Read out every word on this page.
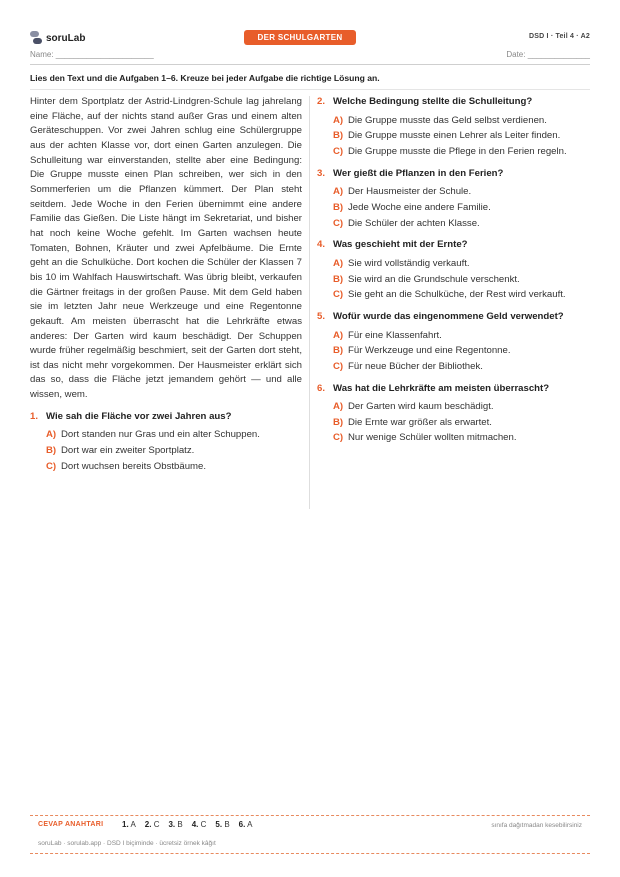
soruLab	DER SCHULGARTEN	DSD I · Teil 4 · A2
Name: ______________________	Date: ______________
Lies den Text und die Aufgaben 1–6. Kreuze bei jeder Aufgabe die richtige Lösung an.

Hinter dem Sportplatz der Astrid-Lindgren-Schule lag jahrelang eine Fläche, auf der nichts stand außer Gras und einem alten Geräteschuppen. Vor zwei Jahren schlug eine Schülergruppe aus der achten Klasse vor, dort einen Garten anzulegen. Die Schulleitung war einverstanden, stellte aber eine Bedingung: Die Gruppe musste einen Plan schreiben, wer sich in den Sommerferien um die Pflanzen kümmert. Der Plan steht seitdem. Jede Woche in den Ferien übernimmt eine andere Familie das Gießen. Die Liste hängt im Sekretariat, und bisher hat noch keine Woche gefehlt. Im Garten wachsen heute Tomaten, Bohnen, Kräuter und zwei Apfelbäume. Die Ernte geht an die Schulküche. Dort kochen die Schüler der Klassen 7 bis 10 im Wahlfach Hauswirtschaft. Was übrig bleibt, verkaufen die Gärtner freitags in der großen Pause. Mit dem Geld haben sie im letzten Jahr neue Werkzeuge und eine Regentonne gekauft. Am meisten überrascht hat die Lehrkräfte etwas anderes: Der Garten wird kaum beschädigt. Der Schuppen wurde früher regelmäßig beschmiert, seit der Garten dort steht, ist das nicht mehr vorgekommen. Der Hausmeister erklärt sich das so, dass die Fläche jetzt jemandem gehört — und alle wissen, wem.

1. Wie sah die Fläche vor zwei Jahren aus?
A) Dort standen nur Gras und ein alter Schuppen.
B) Dort war ein zweiter Sportplatz.
C) Dort wuchsen bereits Obstbäume.
2. Welche Bedingung stellte die Schulleitung?
A) Die Gruppe musste das Geld selbst verdienen.
B) Die Gruppe musste einen Lehrer als Leiter finden.
C) Die Gruppe musste die Pflege in den Ferien regeln.
3. Wer gießt die Pflanzen in den Ferien?
A) Der Hausmeister der Schule.
B) Jede Woche eine andere Familie.
C) Die Schüler der achten Klasse.
4. Was geschieht mit der Ernte?
A) Sie wird vollständig verkauft.
B) Sie wird an die Grundschule verschenkt.
C) Sie geht an die Schulküche, der Rest wird verkauft.
5. Wofür wurde das eingenommene Geld verwendet?
A) Für eine Klassenfahrt.
B) Für Werkzeuge und eine Regentonne.
C) Für neue Bücher der Bibliothek.
6. Was hat die Lehrkräfte am meisten überrascht?
A) Der Garten wird kaum beschädigt.
B) Die Ernte war größer als erwartet.
C) Nur wenige Schüler wollten mitmachen.
CEVAP ANAHTARI 1. A 2. C 3. B 4. C 5. B 6. A	sınıfa dağıtmadan kesebilirsiniz
soruLab · sorulab.app · DSD I biçiminde · ücretsiz örnek kâğıt
